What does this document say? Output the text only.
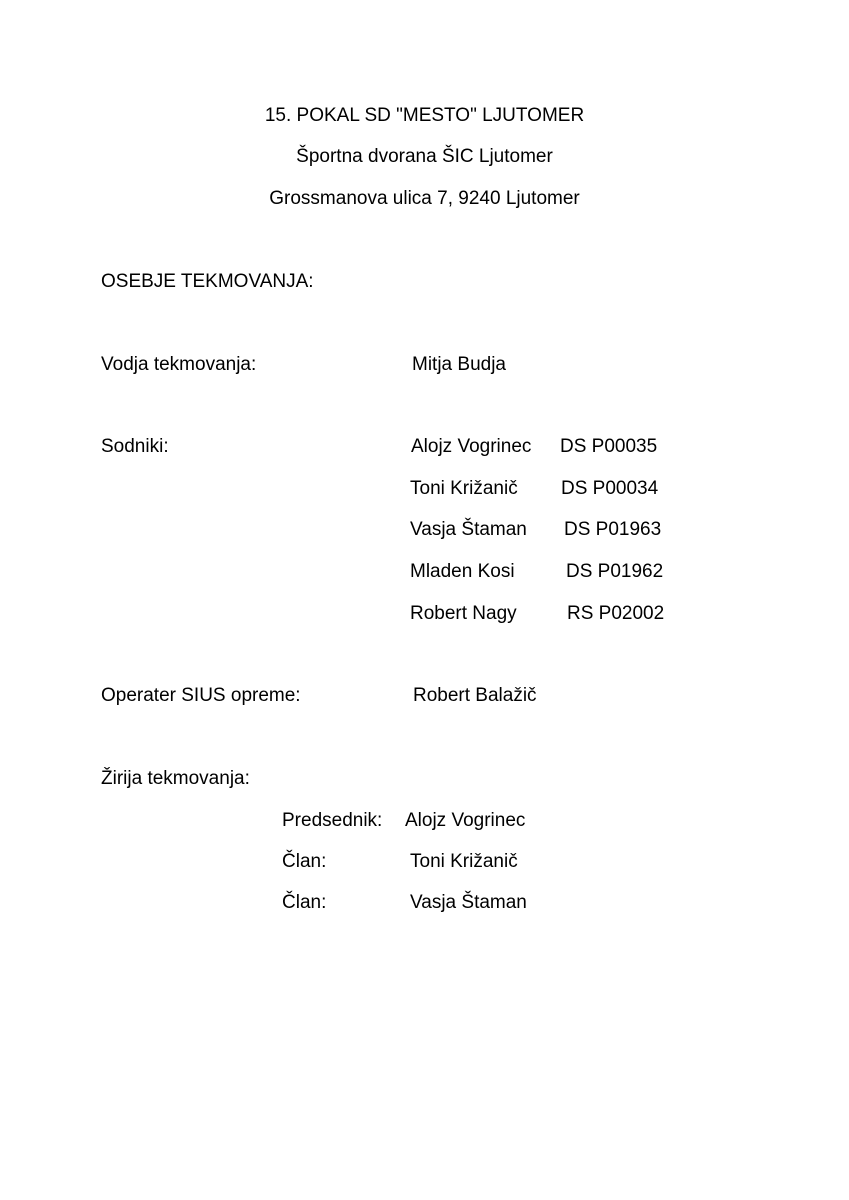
15. POKAL SD "MESTO" LJUTOMER
Športna dvorana ŠIC Ljutomer
Grossmanova ulica 7, 9240 Ljutomer
OSEBJE TEKMOVANJA:
Vodja tekmovanja:	Mitja Budja
Sodniki:	Alojz Vogrinec DS P00035
Toni Križanič DS P00034
Vasja Štaman DS P01963
Mladen Kosi	DS P01962
Robert Nagy	RS P02002
Operater SIUS opreme:	Robert Balažič
Žirija tekmovanja:
Predsednik: Alojz Vogrinec
Član:	Toni Križanič
Član:	Vasja Štaman
